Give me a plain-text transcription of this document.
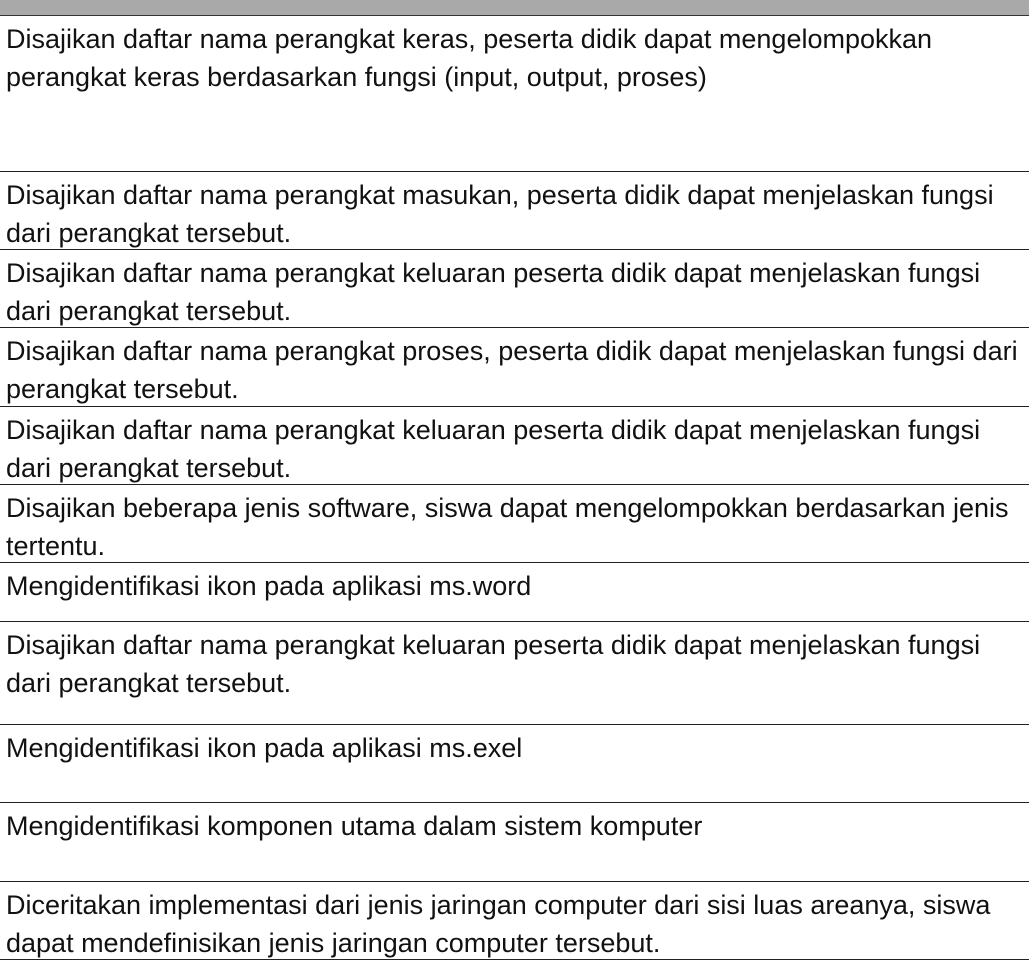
Disajikan daftar nama perangkat keras, peserta didik dapat mengelompokkan perangkat keras berdasarkan fungsi (input, output, proses)
Disajikan daftar nama perangkat masukan, peserta didik dapat menjelaskan fungsi dari perangkat tersebut.
Disajikan daftar nama perangkat keluaran peserta didik dapat menjelaskan fungsi dari perangkat tersebut.
Disajikan daftar nama perangkat proses, peserta didik dapat menjelaskan fungsi dari perangkat tersebut.
Disajikan daftar nama perangkat keluaran peserta didik dapat menjelaskan fungsi dari perangkat tersebut.
Disajikan beberapa jenis software, siswa dapat mengelompokkan berdasarkan jenis tertentu.
Mengidentifikasi ikon pada aplikasi ms.word
Disajikan daftar nama perangkat keluaran peserta didik dapat menjelaskan fungsi dari perangkat tersebut.
Mengidentifikasi ikon pada aplikasi ms.exel
Mengidentifikasi komponen utama dalam sistem komputer
Diceritakan implementasi dari jenis jaringan computer dari sisi luas areanya, siswa dapat mendefinisikan jenis jaringan computer tersebut.
